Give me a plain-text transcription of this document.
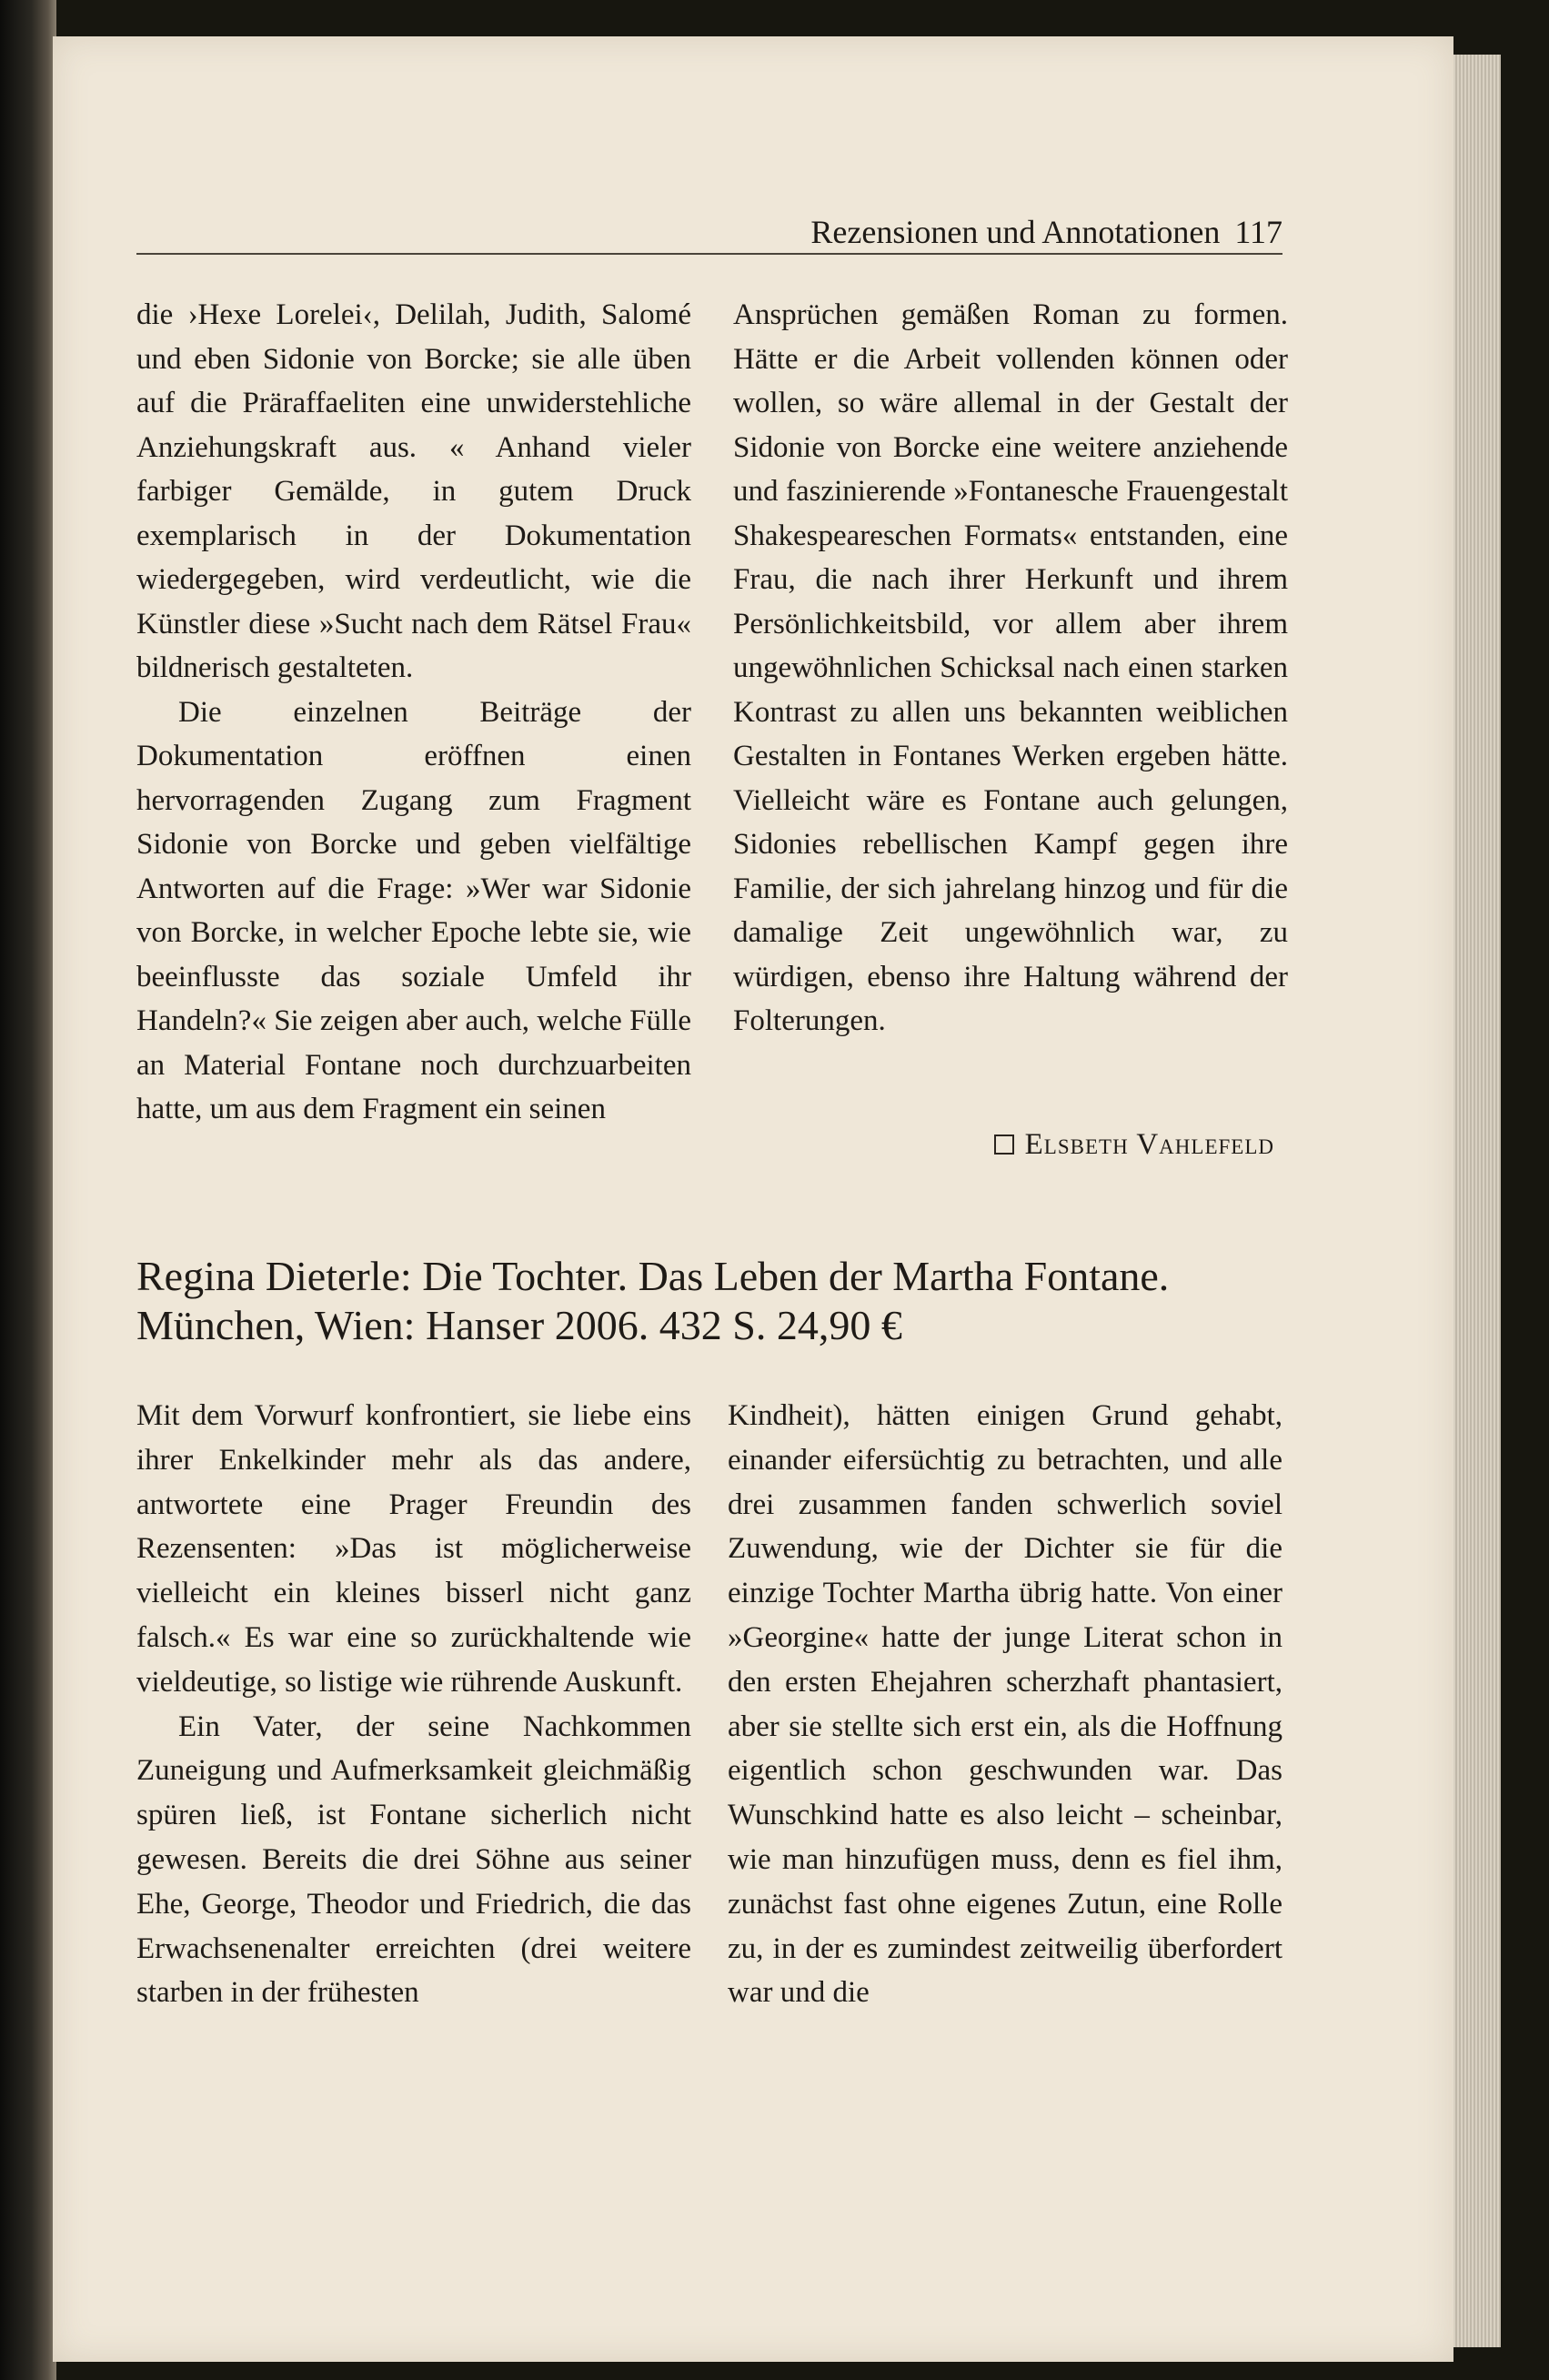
Rezensionen und Annotationen 117

die ›Hexe Lorelei‹, Delilah, Judith, Salomé und eben Sidonie von Borcke; sie alle üben auf die Präraffaeliten eine unwiderstehliche Anziehungskraft aus. « Anhand vieler farbiger Gemälde, in gutem Druck exemplarisch in der Dokumentation wiedergegeben, wird verdeutlicht, wie die Künstler diese »Sucht nach dem Rätsel Frau« bildnerisch gestalteten.

Die einzelnen Beiträge der Dokumentation eröffnen einen hervorragenden Zugang zum Fragment Sidonie von Borcke und geben vielfältige Antworten auf die Frage: »Wer war Sidonie von Borcke, in welcher Epoche lebte sie, wie beeinflusste das soziale Umfeld ihr Handeln?« Sie zeigen aber auch, welche Fülle an Material Fontane noch durchzuarbeiten hatte, um aus dem Fragment ein seinen

Ansprüchen gemäßen Roman zu formen. Hätte er die Arbeit vollenden können oder wollen, so wäre allemal in der Gestalt der Sidonie von Borcke eine weitere anziehende und faszinierende »Fontanesche Frauengestalt Shakespeareschen Formats« entstanden, eine Frau, die nach ihrer Herkunft und ihrem Persönlichkeitsbild, vor allem aber ihrem ungewöhnlichen Schicksal nach einen starken Kontrast zu allen uns bekannten weiblichen Gestalten in Fontanes Werken ergeben hätte. Vielleicht wäre es Fontane auch gelungen, Sidonies rebellischen Kampf gegen ihre Familie, der sich jahrelang hinzog und für die damalige Zeit ungewöhnlich war, zu würdigen, ebenso ihre Haltung während der Folterungen.

Elsbeth Vahlefeld
Regina Dieterle: Die Tochter. Das Leben der Martha Fontane. München, Wien: Hanser 2006. 432 S. 24,90 €

Mit dem Vorwurf konfrontiert, sie liebe eins ihrer Enkelkinder mehr als das andere, antwortete eine Prager Freundin des Rezensenten: »Das ist möglicherweise vielleicht ein kleines bisserl nicht ganz falsch.« Es war eine so zurückhaltende wie vieldeutige, so listige wie rührende Auskunft.

Ein Vater, der seine Nachkommen Zuneigung und Aufmerksamkeit gleichmäßig spüren ließ, ist Fontane sicherlich nicht gewesen. Bereits die drei Söhne aus seiner Ehe, George, Theodor und Friedrich, die das Erwachsenenalter erreichten (drei weitere starben in der frühesten

Kindheit), hätten einigen Grund gehabt, einander eifersüchtig zu betrachten, und alle drei zusammen fanden schwerlich soviel Zuwendung, wie der Dichter sie für die einzige Tochter Martha übrig hatte. Von einer »Georgine« hatte der junge Literat schon in den ersten Ehejahren scherzhaft phantasiert, aber sie stellte sich erst ein, als die Hoffnung eigentlich schon geschwunden war. Das Wunschkind hatte es also leicht – scheinbar, wie man hinzufügen muss, denn es fiel ihm, zunächst fast ohne eigenes Zutun, eine Rolle zu, in der es zumindest zeitweilig überfordert war und die
